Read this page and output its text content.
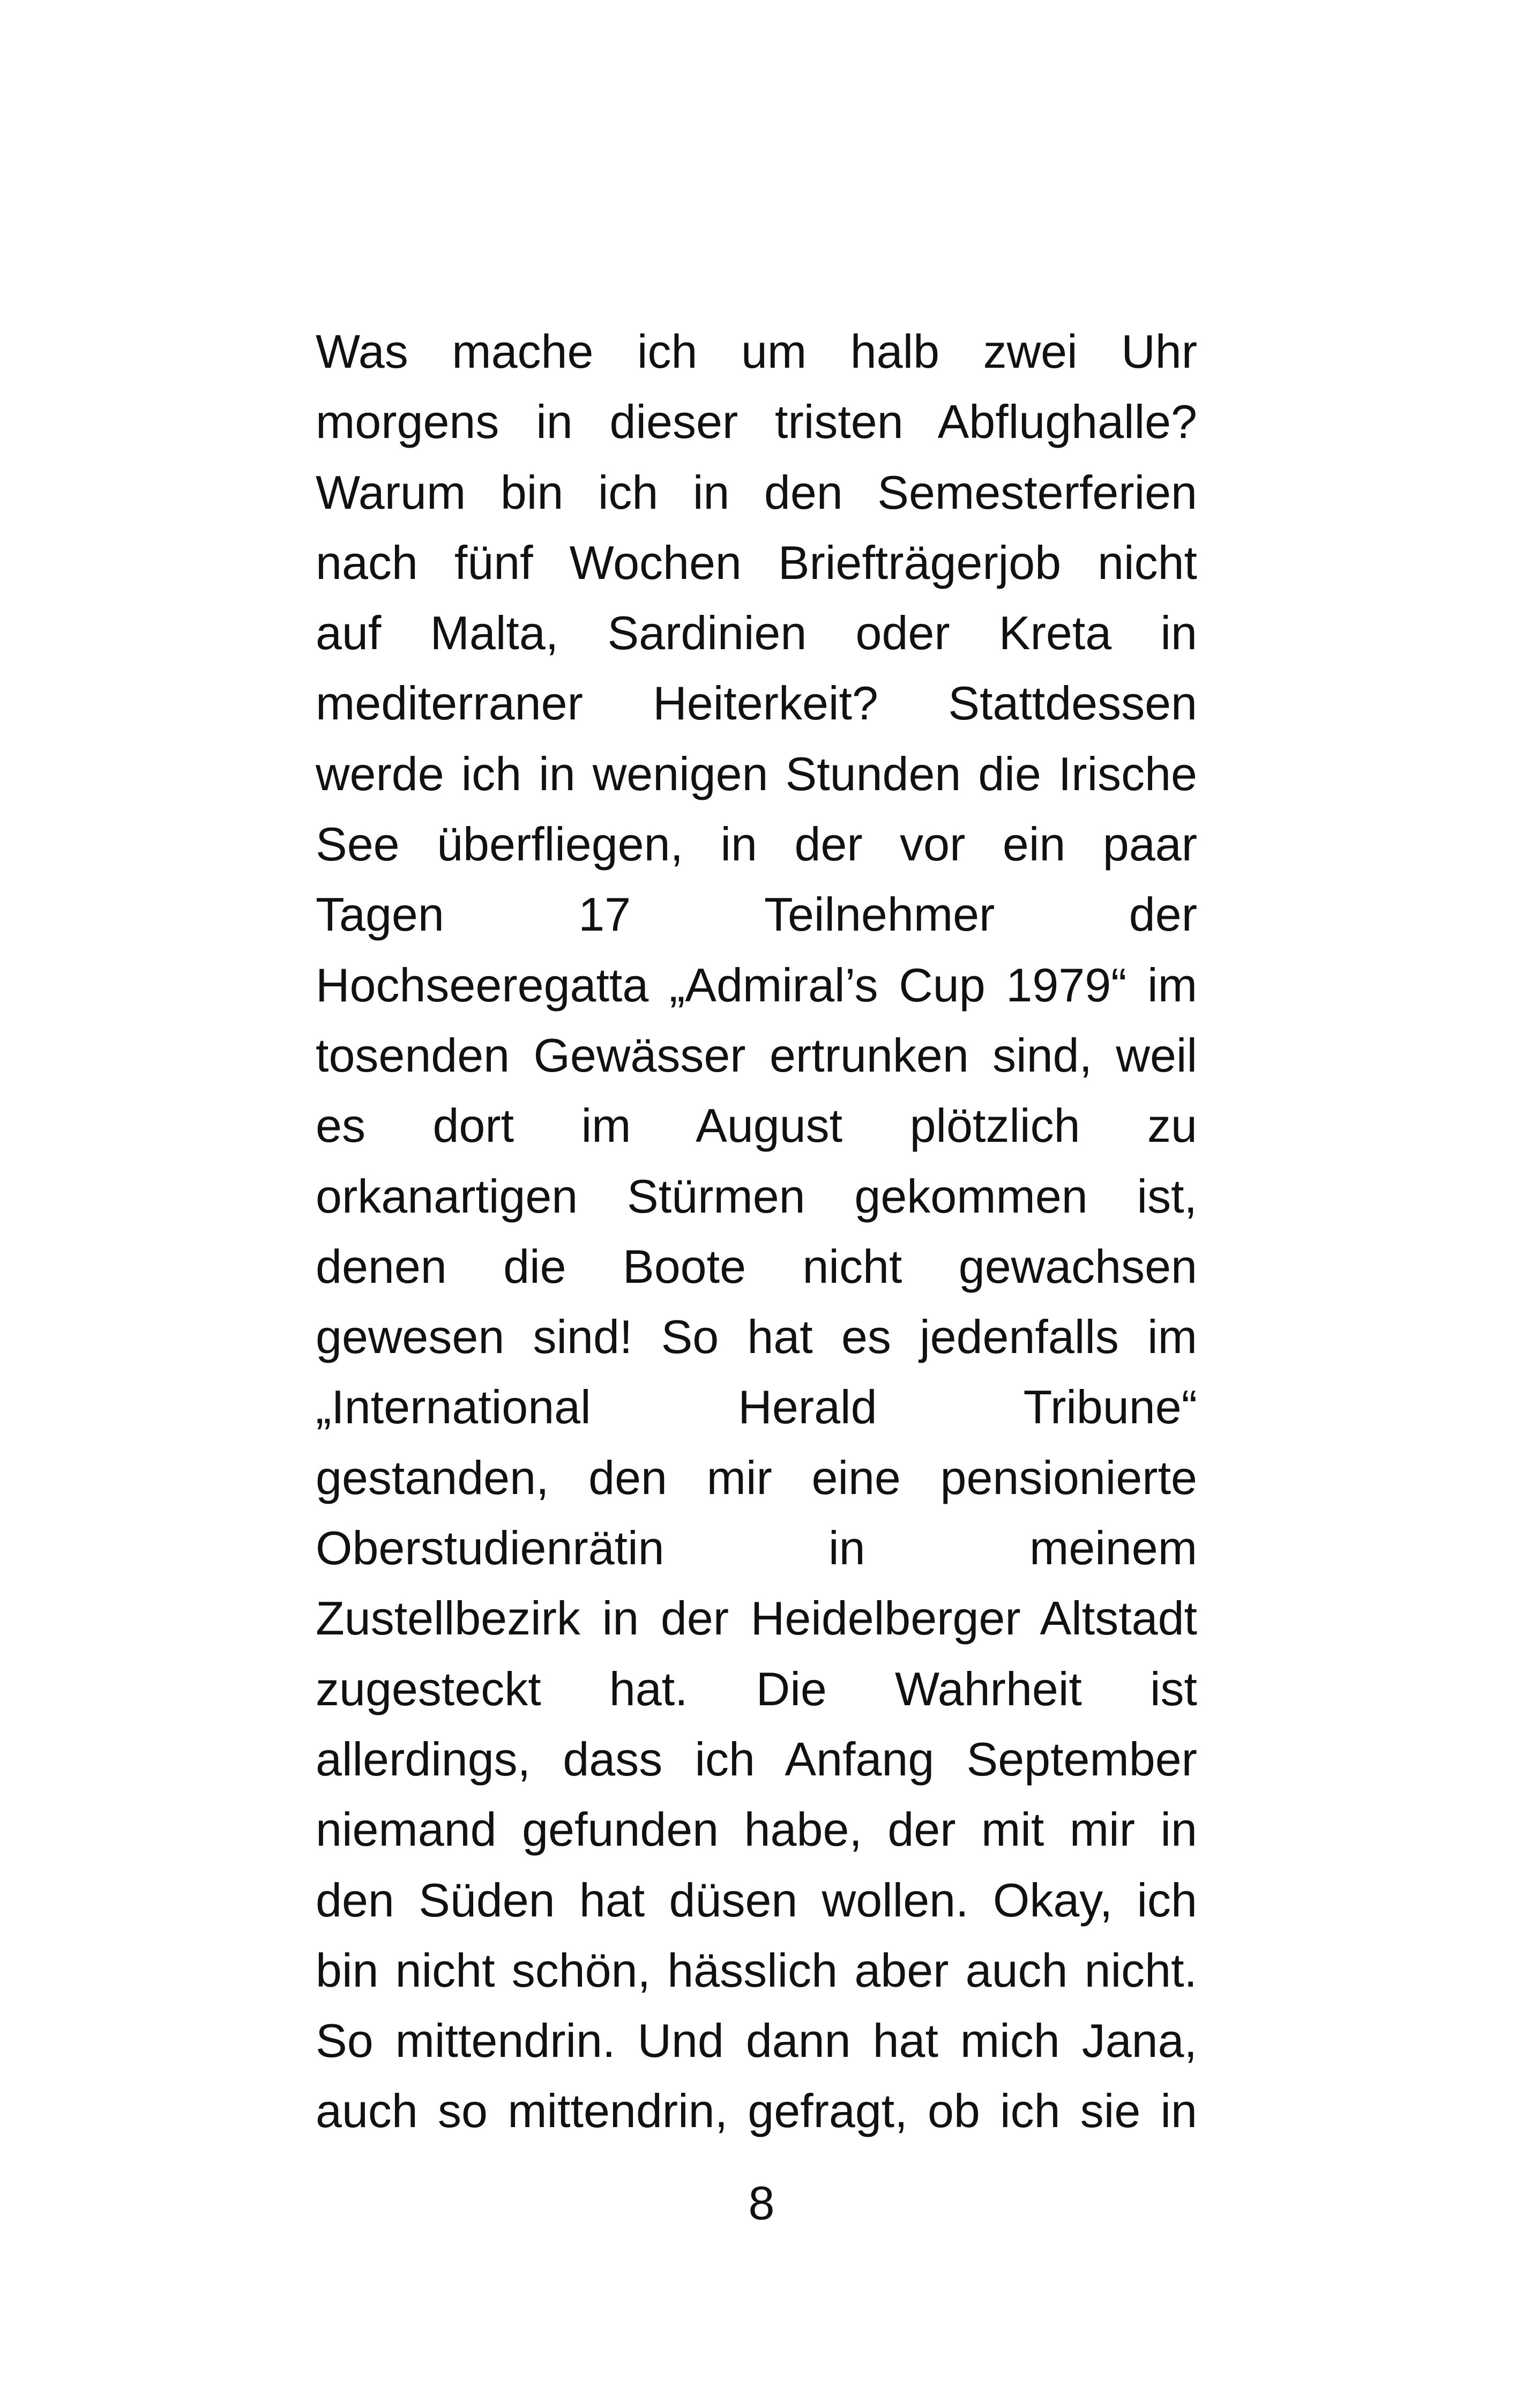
Was mache ich um halb zwei Uhr
morgens in dieser tristen Abflughalle?
Warum bin ich in den Semesterferien
nach fünf Wochen Briefträgerjob nicht
auf Malta, Sardinien oder Kreta in
mediterraner Heiterkeit? Stattdessen
werde ich in wenigen Stunden die Irische
See überfliegen, in der vor ein paar
Tagen 17 Teilnehmer der
Hochseeregatta „Admiral’s Cup 1979“ im
tosenden Gewässer ertrunken sind, weil
es dort im August plötzlich zu
orkanartigen Stürmen gekommen ist,
denen die Boote nicht gewachsen
gewesen sind! So hat es jedenfalls im
„International Herald Tribune“
gestanden, den mir eine pensionierte
Oberstudienrätin in meinem
Zustellbezirk in der Heidelberger Altstadt
zugesteckt hat. Die Wahrheit ist
allerdings, dass ich Anfang September
niemand gefunden habe, der mit mir in
den Süden hat düsen wollen. Okay, ich
bin nicht schön, hässlich aber auch nicht.
So mittendrin. Und dann hat mich Jana,
auch so mittendrin, gefragt, ob ich sie in
8
